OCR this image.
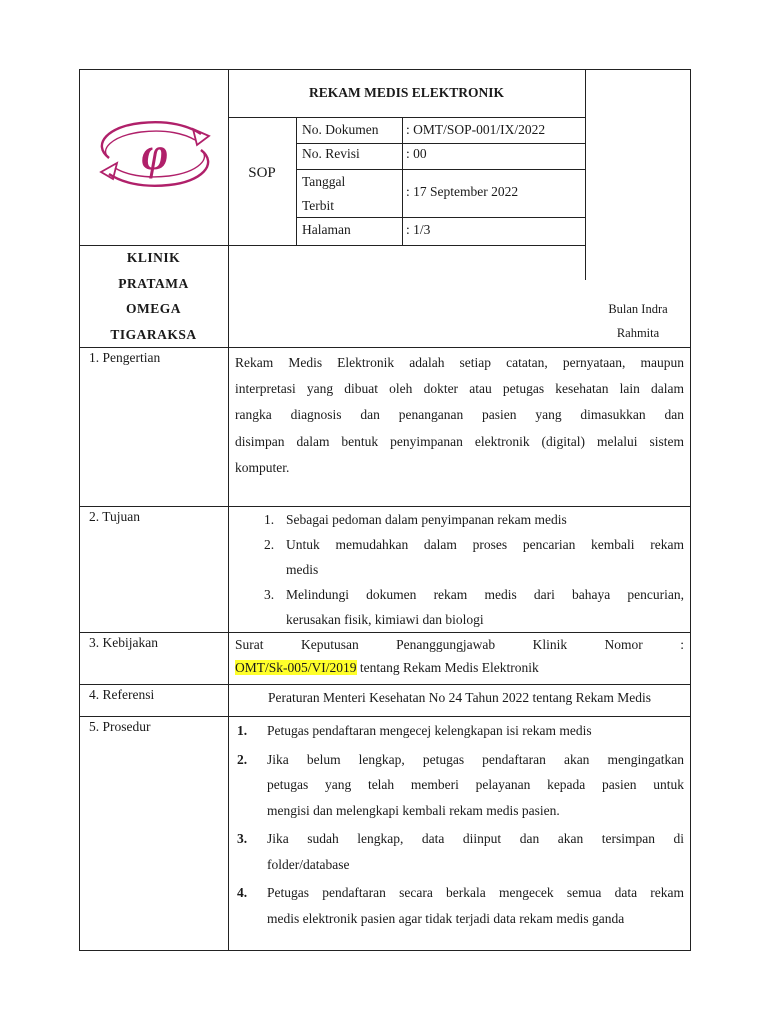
φ
REKAM MEDIS ELEKTRONIK
SOP
No. Dokumen : OMT/SOP-001/IX/2022
No. Revisi	: 00
Tanggal
Terbit
: 17 September 2022
Halaman	: 1/3
KLINIK
PRATAMA
OMEGA
TIGARAKSA
Bulan Indra
Rahmita
1. Pengertian	Rekam Medis Elektronik adalah setiap catatan, pernyataan, maupun
interpretasi yang dibuat oleh dokter atau petugas kesehatan lain dalam
rangka diagnosis dan penanganan pasien yang dimasukkan dan
disimpan dalam bentuk penyimpanan elektronik (digital) melalui sistem
komputer.
2. Tujuan	1. Sebagai pedoman dalam penyimpanan rekam medis
2. Untuk memudahkan dalam proses pencarian kembali rekam
medis
3. Melindungi dokumen rekam medis dari bahaya pencurian,
kerusakan fisik, kimiawi dan biologi
3. Kebijakan	Surat Keputusan Penanggungjawab Klinik Nomor :
OMT/Sk-005/VI/2019 tentang Rekam Medis Elektronik
4. Referensi	Peraturan Menteri Kesehatan No 24 Tahun 2022 tentang Rekam Medis
5. Prosedur	1.	Petugas pendaftaran mengecej kelengkapan isi rekam medis
2.	Jika belum lengkap, petugas pendaftaran akan mengingatkan
petugas yang telah memberi pelayanan kepada pasien untuk
mengisi dan melengkapi kembali rekam medis pasien.
3.	Jika sudah lengkap, data diinput dan akan tersimpan di
folder/database
4.	Petugas pendaftaran secara berkala mengecek semua data rekam
medis elektronik pasien agar tidak terjadi data rekam medis ganda
